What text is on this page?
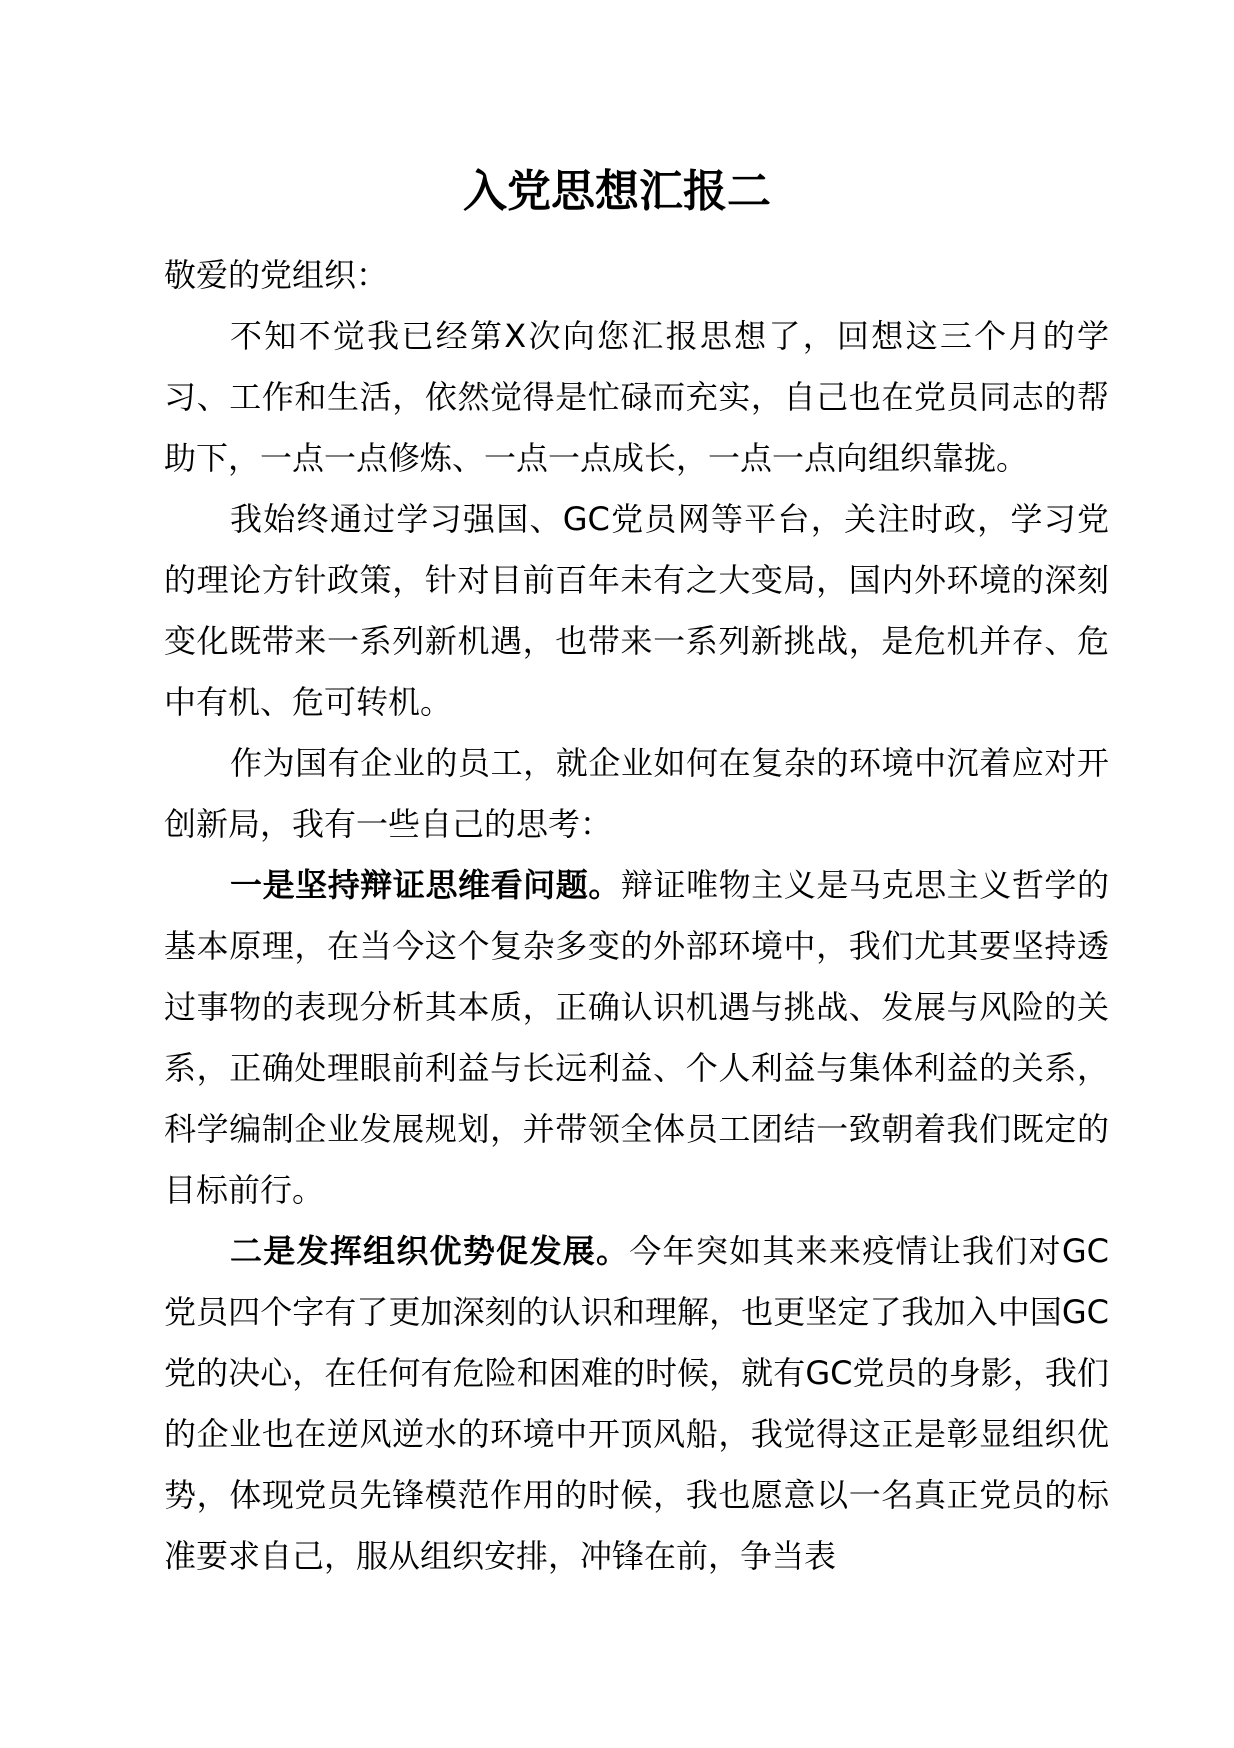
入党思想汇报二

敬爱的党组织：

不知不觉我已经第X次向您汇报思想了，回想这三个月的学习、工作和生活，依然觉得是忙碌而充实，自己也在党员同志的帮助下，一点一点修炼、一点一点成长，一点一点向组织靠拢。

我始终通过学习强国、GC党员网等平台，关注时政，学习党的理论方针政策，针对目前百年未有之大变局，国内外环境的深刻变化既带来一系列新机遇，也带来一系列新挑战，是危机并存、危中有机、危可转机。

作为国有企业的员工，就企业如何在复杂的环境中沉着应对开创新局，我有一些自己的思考：

一是坚持辩证思维看问题。辩证唯物主义是马克思主义哲学的基本原理，在当今这个复杂多变的外部环境中，我们尤其要坚持透过事物的表现分析其本质，正确认识机遇与挑战、发展与风险的关系，正确处理眼前利益与长远利益、个人利益与集体利益的关系，科学编制企业发展规划，并带领全体员工团结一致朝着我们既定的目标前行。

二是发挥组织优势促发展。今年突如其来来疫情让我们对GC党员四个字有了更加深刻的认识和理解，也更坚定了我加入中国GC党的决心，在任何有危险和困难的时候，就有GC党员的身影，我们的企业也在逆风逆水的环境中开顶风船，我觉得这正是彰显组织优势，体现党员先锋模范作用的时候，我也愿意以一名真正党员的标准要求自己，服从组织安排，冲锋在前，争当表
